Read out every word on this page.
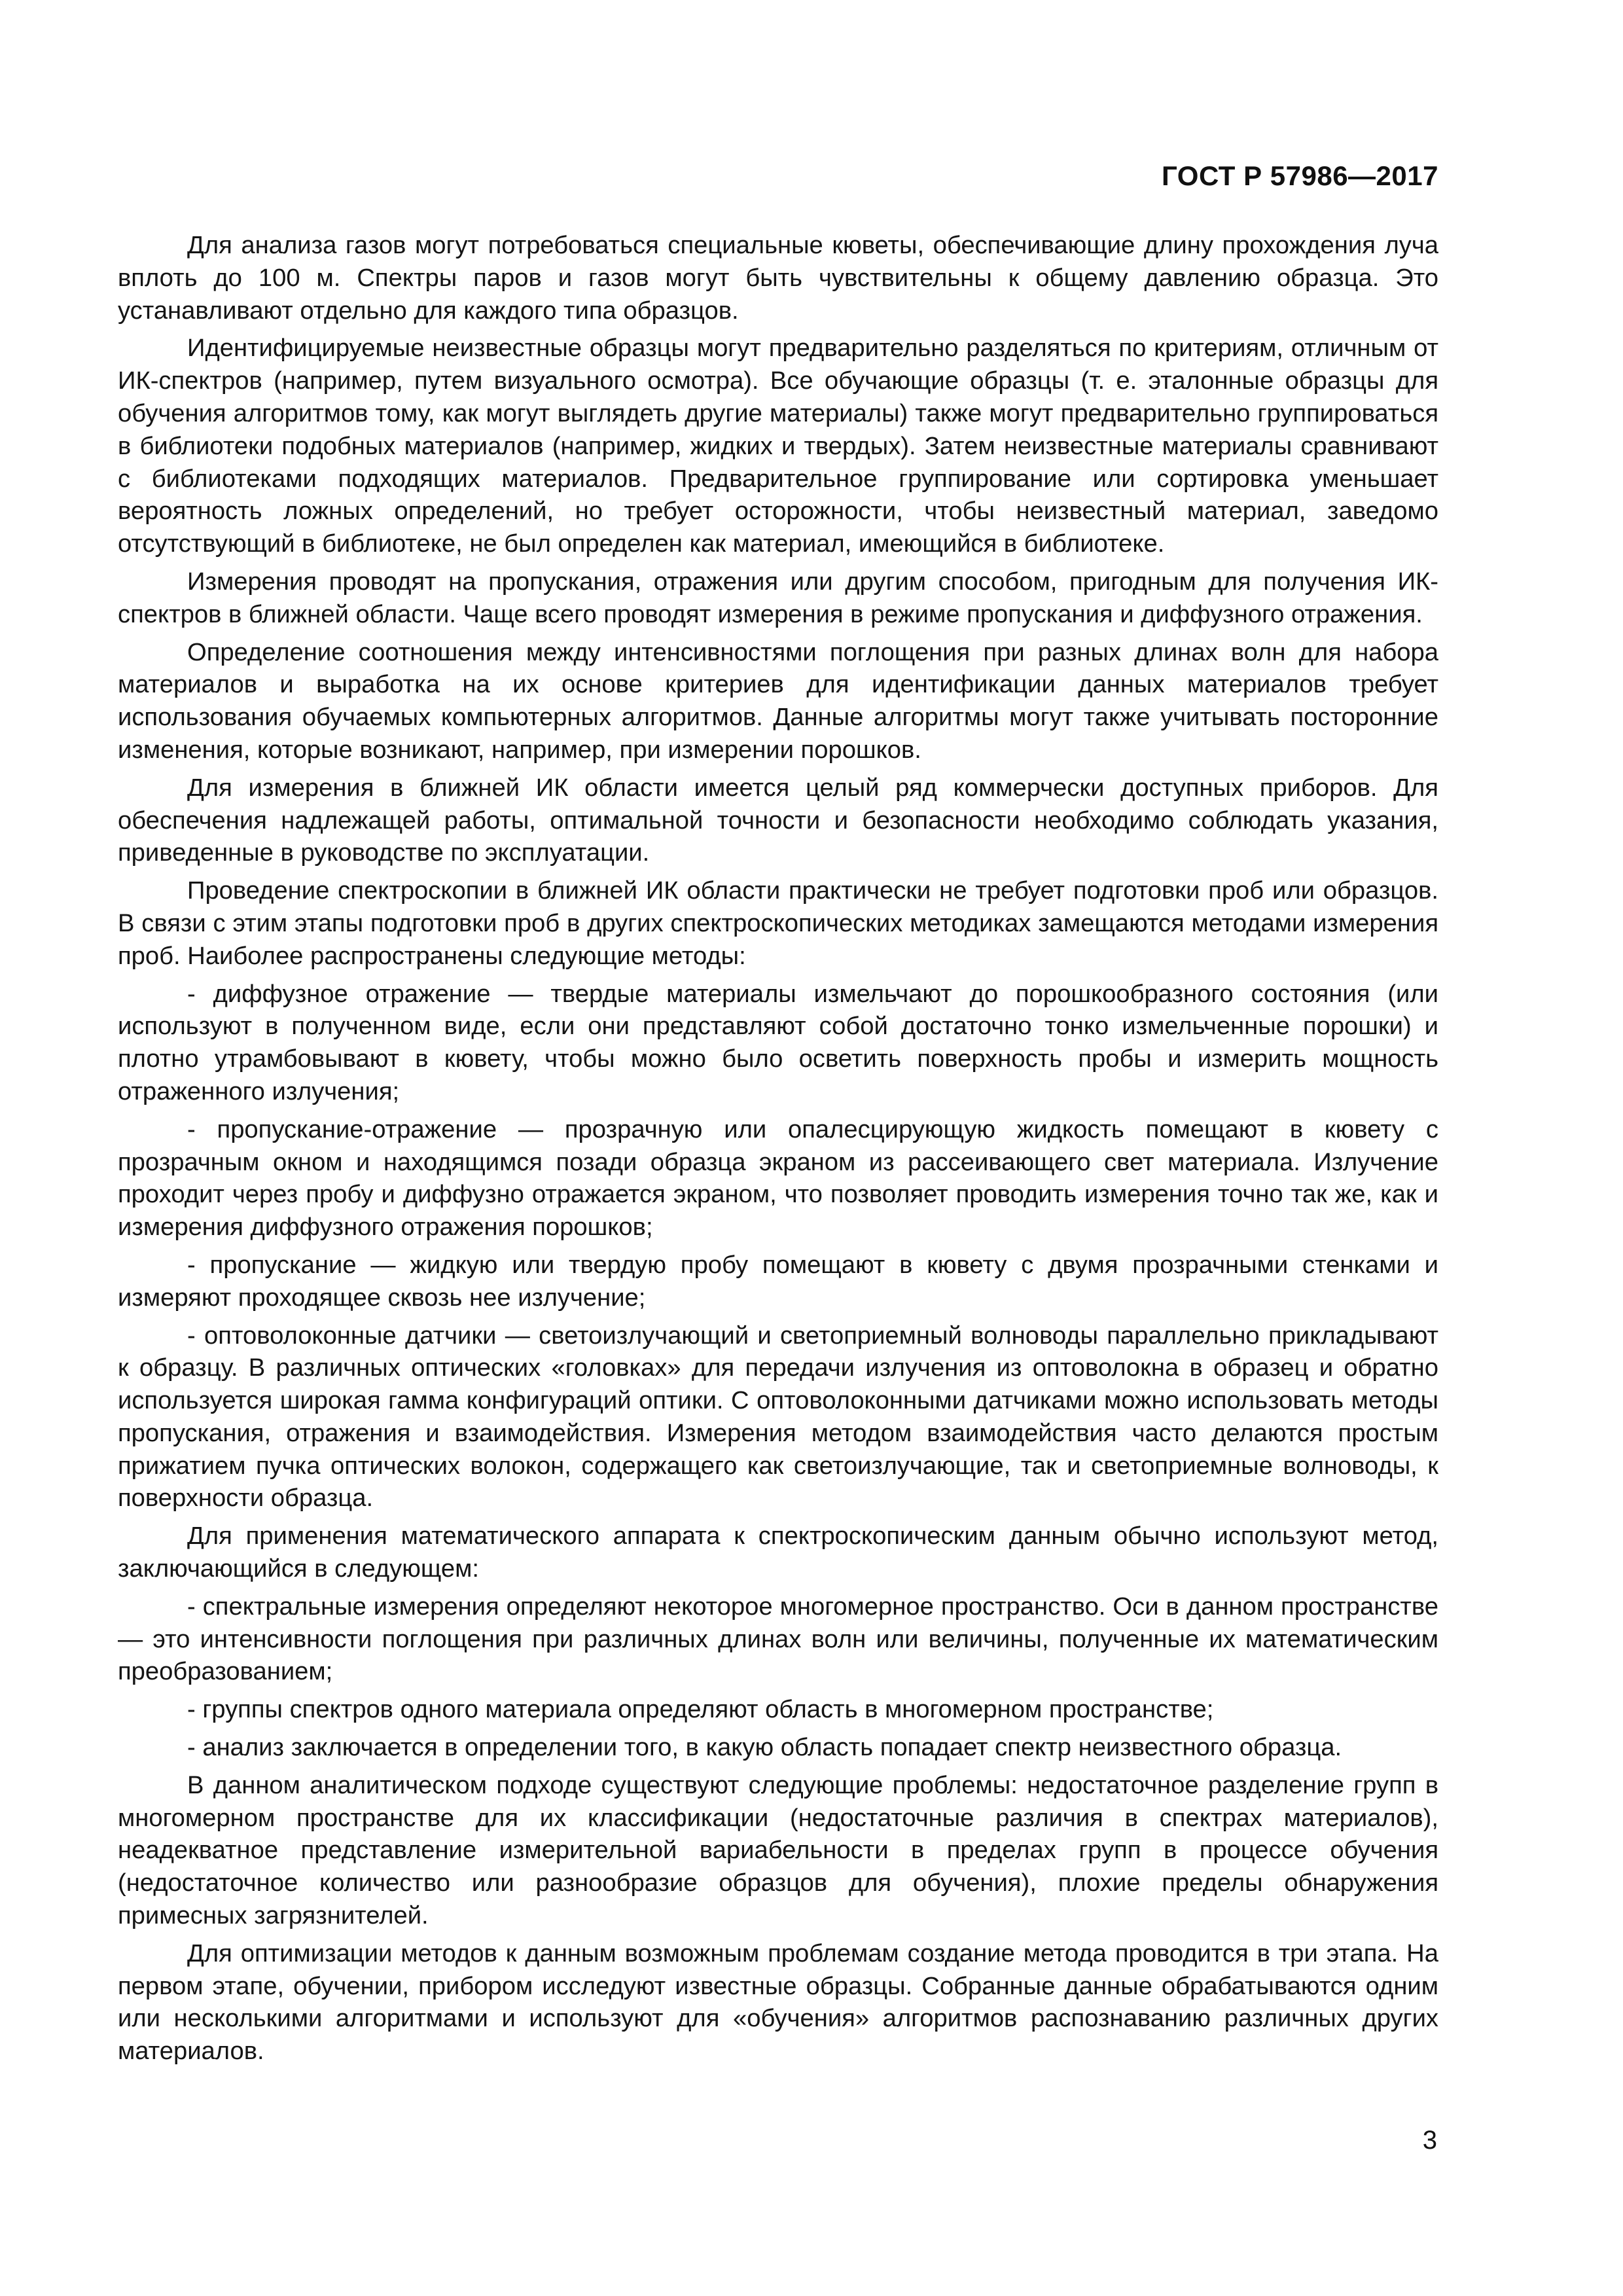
ГОСТ Р 57986—2017

Для анализа газов могут потребоваться специальные кюветы, обеспечивающие длину прохождения луча вплоть до 100 м. Спектры паров и газов могут быть чувствительны к общему давлению образца. Это устанавливают отдельно для каждого типа образцов.

Идентифицируемые неизвестные образцы могут предварительно разделяться по критериям, отличным от ИК-спектров (например, путем визуального осмотра). Все обучающие образцы (т. е. эталонные образцы для обучения алгоритмов тому, как могут выглядеть другие материалы) также могут предварительно группироваться в библиотеки подобных материалов (например, жидких и твердых). Затем неизвестные материалы сравнивают с библиотеками подходящих материалов. Предварительное группирование или сортировка уменьшает вероятность ложных определений, но требует осторожности, чтобы неизвестный материал, заведомо отсутствующий в библиотеке, не был определен как материал, имеющийся в библиотеке.

Измерения проводят на пропускания, отражения или другим способом, пригодным для получения ИК-спектров в ближней области. Чаще всего проводят измерения в режиме пропускания и диффузного отражения.

Определение соотношения между интенсивностями поглощения при разных длинах волн для набора материалов и выработка на их основе критериев для идентификации данных материалов требует использования обучаемых компьютерных алгоритмов. Данные алгоритмы могут также учитывать посторонние изменения, которые возникают, например, при измерении порошков.

Для измерения в ближней ИК области имеется целый ряд коммерчески доступных приборов. Для обеспечения надлежащей работы, оптимальной точности и безопасности необходимо соблюдать указания, приведенные в руководстве по эксплуатации.

Проведение спектроскопии в ближней ИК области практически не требует подготовки проб или образцов. В связи с этим этапы подготовки проб в других спектроскопических методиках замещаются методами измерения проб. Наиболее распространены следующие методы:

- диффузное отражение — твердые материалы измельчают до порошкообразного состояния (или используют в полученном виде, если они представляют собой достаточно тонко измельченные порошки) и плотно утрамбовывают в кювету, чтобы можно было осветить поверхность пробы и измерить мощность отраженного излучения;

- пропускание-отражение — прозрачную или опалесцирующую жидкость помещают в кювету с прозрачным окном и находящимся позади образца экраном из рассеивающего свет материала. Излучение проходит через пробу и диффузно отражается экраном, что позволяет проводить измерения точно так же, как и измерения диффузного отражения порошков;

- пропускание — жидкую или твердую пробу помещают в кювету с двумя прозрачными стенками и измеряют проходящее сквозь нее излучение;

- оптоволоконные датчики — светоизлучающий и светоприемный волноводы параллельно прикладывают к образцу. В различных оптических «головках» для передачи излучения из оптоволокна в образец и обратно используется широкая гамма конфигураций оптики. С оптоволоконными датчиками можно использовать методы пропускания, отражения и взаимодействия. Измерения методом взаимодействия часто делаются простым прижатием пучка оптических волокон, содержащего как светоизлучающие, так и светоприемные волноводы, к поверхности образца.

Для применения математического аппарата к спектроскопическим данным обычно используют метод, заключающийся в следующем:

- спектральные измерения определяют некоторое многомерное пространство. Оси в данном пространстве — это интенсивности поглощения при различных длинах волн или величины, полученные их математическим преобразованием;

- группы спектров одного материала определяют область в многомерном пространстве;

- анализ заключается в определении того, в какую область попадает спектр неизвестного образца.

В данном аналитическом подходе существуют следующие проблемы: недостаточное разделение групп в многомерном пространстве для их классификации (недостаточные различия в спектрах материалов), неадекватное представление измерительной вариабельности в пределах групп в процессе обучения (недостаточное количество или разнообразие образцов для обучения), плохие пределы обнаружения примесных загрязнителей.

Для оптимизации методов к данным возможным проблемам создание метода проводится в три этапа. На первом этапе, обучении, прибором исследуют известные образцы. Собранные данные обрабатываются одним или несколькими алгоритмами и используют для «обучения» алгоритмов распознаванию различных других материалов.

3
